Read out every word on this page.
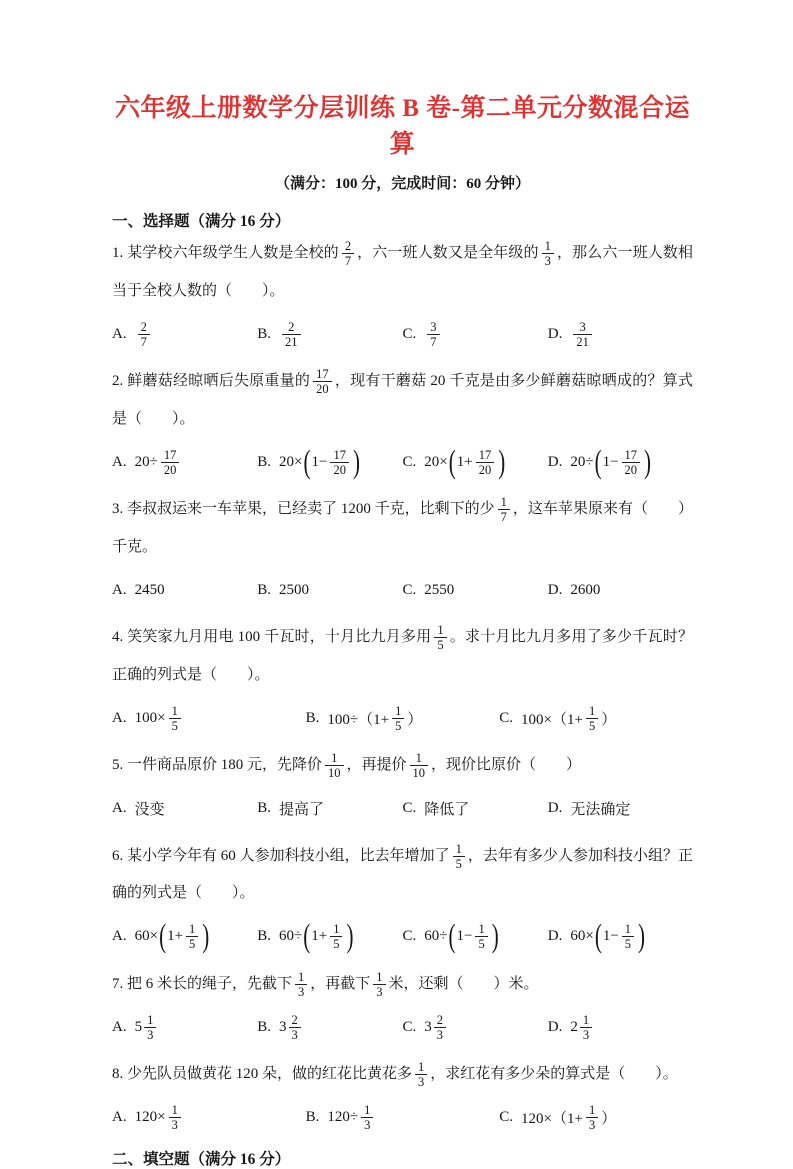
六年级上册数学分层训练 B 卷-第二单元分数混合运算
（满分：100 分，完成时间：60 分钟）
一、选择题（满分 16 分）
1. 某学校六年级学生人数是全校的 $\frac{2}{7}$ ，六一班人数又是全年级的 $\frac{1}{3}$ ，那么六一班人数相当于全校人数的（　　）。
A. $\frac{2}{7}$	B. $\frac{2}{21}$	C. $\frac{3}{7}$	D. $\frac{3}{21}$
2. 鲜蘑菇经晾晒后失原重量的 $\frac{17}{20}$ ，现有干蘑菇 20 千克是由多少鲜蘑菇晾晒成的？算式是（　　）。
A. $20\div \frac{17}{20}$	B. 20× ( $1- \frac{17}{20}$ )	C. 20× ( $1+ \frac{17}{20}$ )	D. 20÷ ( $1- \frac{17}{20}$ )
3. 李叔叔运来一车苹果，已经卖了 1200 千克，比剩下的少 $\frac{1}{7}$ ，这车苹果原来有（　　）千克。
A. 2450	B. 2500	C. 2550	D. 2600
4. 笑笑家九月用电 100 千瓦时，十月比九月多用 $\frac{1}{5}$ 。求十月比九月多用了多少千瓦时？正确的列式是（　　）。
A. $100\times \frac{1}{5}$	B. $100\div(1+ \frac{1}{5}$ ）	C. $100\times(1+ \frac{1}{5}$ ）
5. 一件商品原价 180 元，先降价 $\frac{1}{10}$ ，再提价 $\frac{1}{10}$ ，现价比原价（　　）
A. 没变	B. 提高了	C. 降低了	D. 无法确定
6. 某小学今年有 60 人参加科技小组，比去年增加了 $\frac{1}{5}$ ，去年有多少人参加科技小组？正确的列式是（　　）。
A. 60× ( $1+ \frac{1}{5}$ )	B. 60÷ ( $1+ \frac{1}{5}$ )	C. 60÷ ( $1- \frac{1}{5}$ )	D. 60× ( $1- \frac{1}{5}$ )
7. 把 6 米长的绳子，先截下 $\frac{1}{3}$ ，再截下 $\frac{1}{3}$ 米，还剩（　　）米。
A. $5 \frac{1}{3}$	B. $3 \frac{2}{3}$	C. $3 \frac{2}{3}$	D. $2 \frac{1}{3}$
8. 少先队员做黄花 120 朵，做的红花比黄花多 $\frac{1}{3}$ ，求红花有多少朵的算式是（　　）。
A. $120\times \frac{1}{3}$	B. $120\div \frac{1}{3}$	C. $120\times(1+ \frac{1}{3}$ ）
二、填空题（满分 16 分）
